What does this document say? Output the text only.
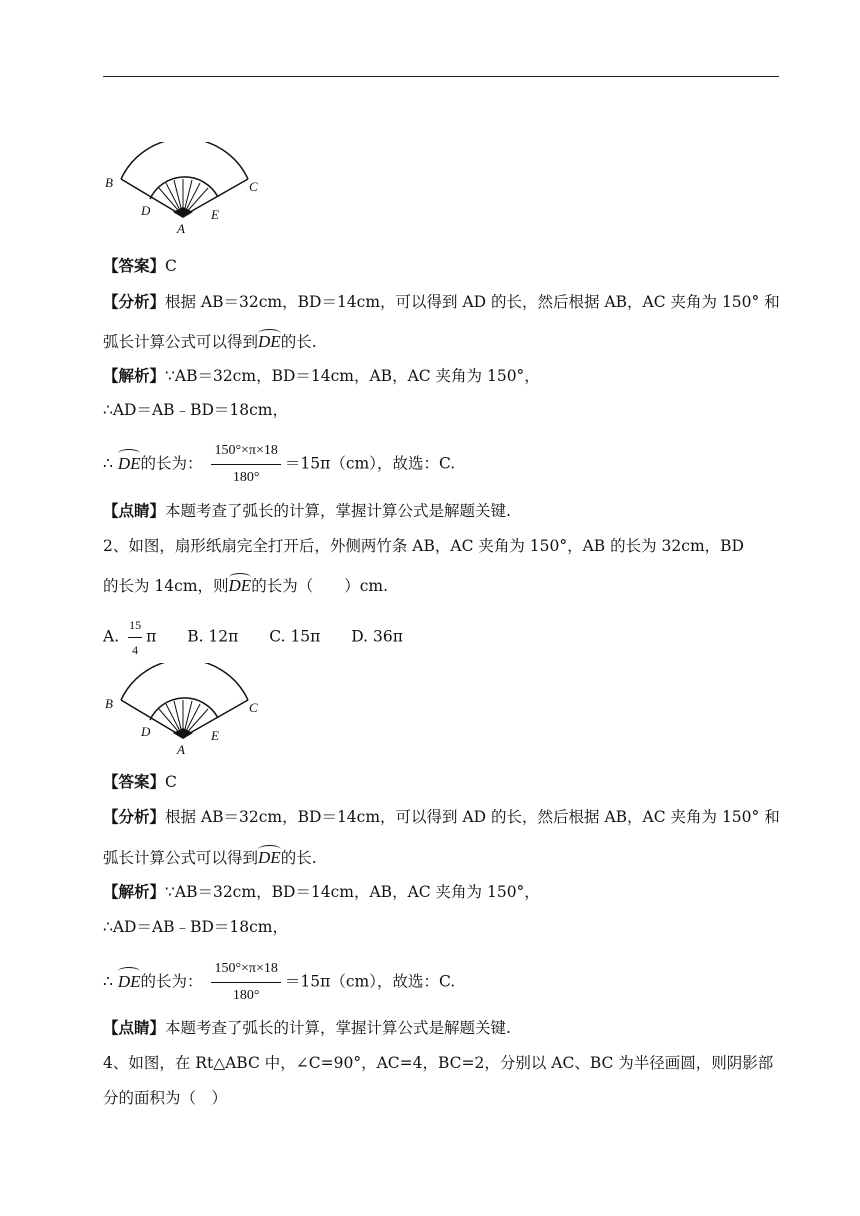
B	C
D	E
A
【答案】C
【分析】根据 AB＝32cm，BD＝14cm，可以得到 AD 的长，然后根据 AB，AC 夹角为 150° 和
弧长计算公式可以得到DE的长.
【解析】∵AB＝32cm，BD＝14cm，AB，AC 夹角为 150°，
∴AD＝AB﹣BD＝18cm，
∴ DE的长为： $\frac{150^\circ\times\pi\times 18}{180^\circ} =15\pi(cm)$，故选：C.
【点睛】本题考查了弧长的计算，掌握计算公式是解题关键.
2、如图，扇形纸扇完全打开后，外侧两竹条 AB，AC 夹角为 150°，AB 的长为 32cm，BD
的长为 14cm，则DE的长为（　　）cm.
A. $\frac{15}{4}$ π B. 12π C. 15π D. 36π
B	C
D	E
A
【答案】C
【分析】根据 AB＝32cm，BD＝14cm，可以得到 AD 的长，然后根据 AB，AC 夹角为 150° 和
弧长计算公式可以得到DE的长.
【解析】∵AB＝32cm，BD＝14cm，AB，AC 夹角为 150°，
∴AD＝AB﹣BD＝18cm，
∴ DE的长为： $\frac{150^\circ\times\pi\times 18}{180^\circ} =15\pi(cm)$，故选：C.
【点睛】本题考查了弧长的计算，掌握计算公式是解题关键.
4、如图，在 Rt△ABC 中，∠C=90°，AC=4，BC=2，分别以 AC、BC 为半径画圆，则阴影部
分的面积为（　）
